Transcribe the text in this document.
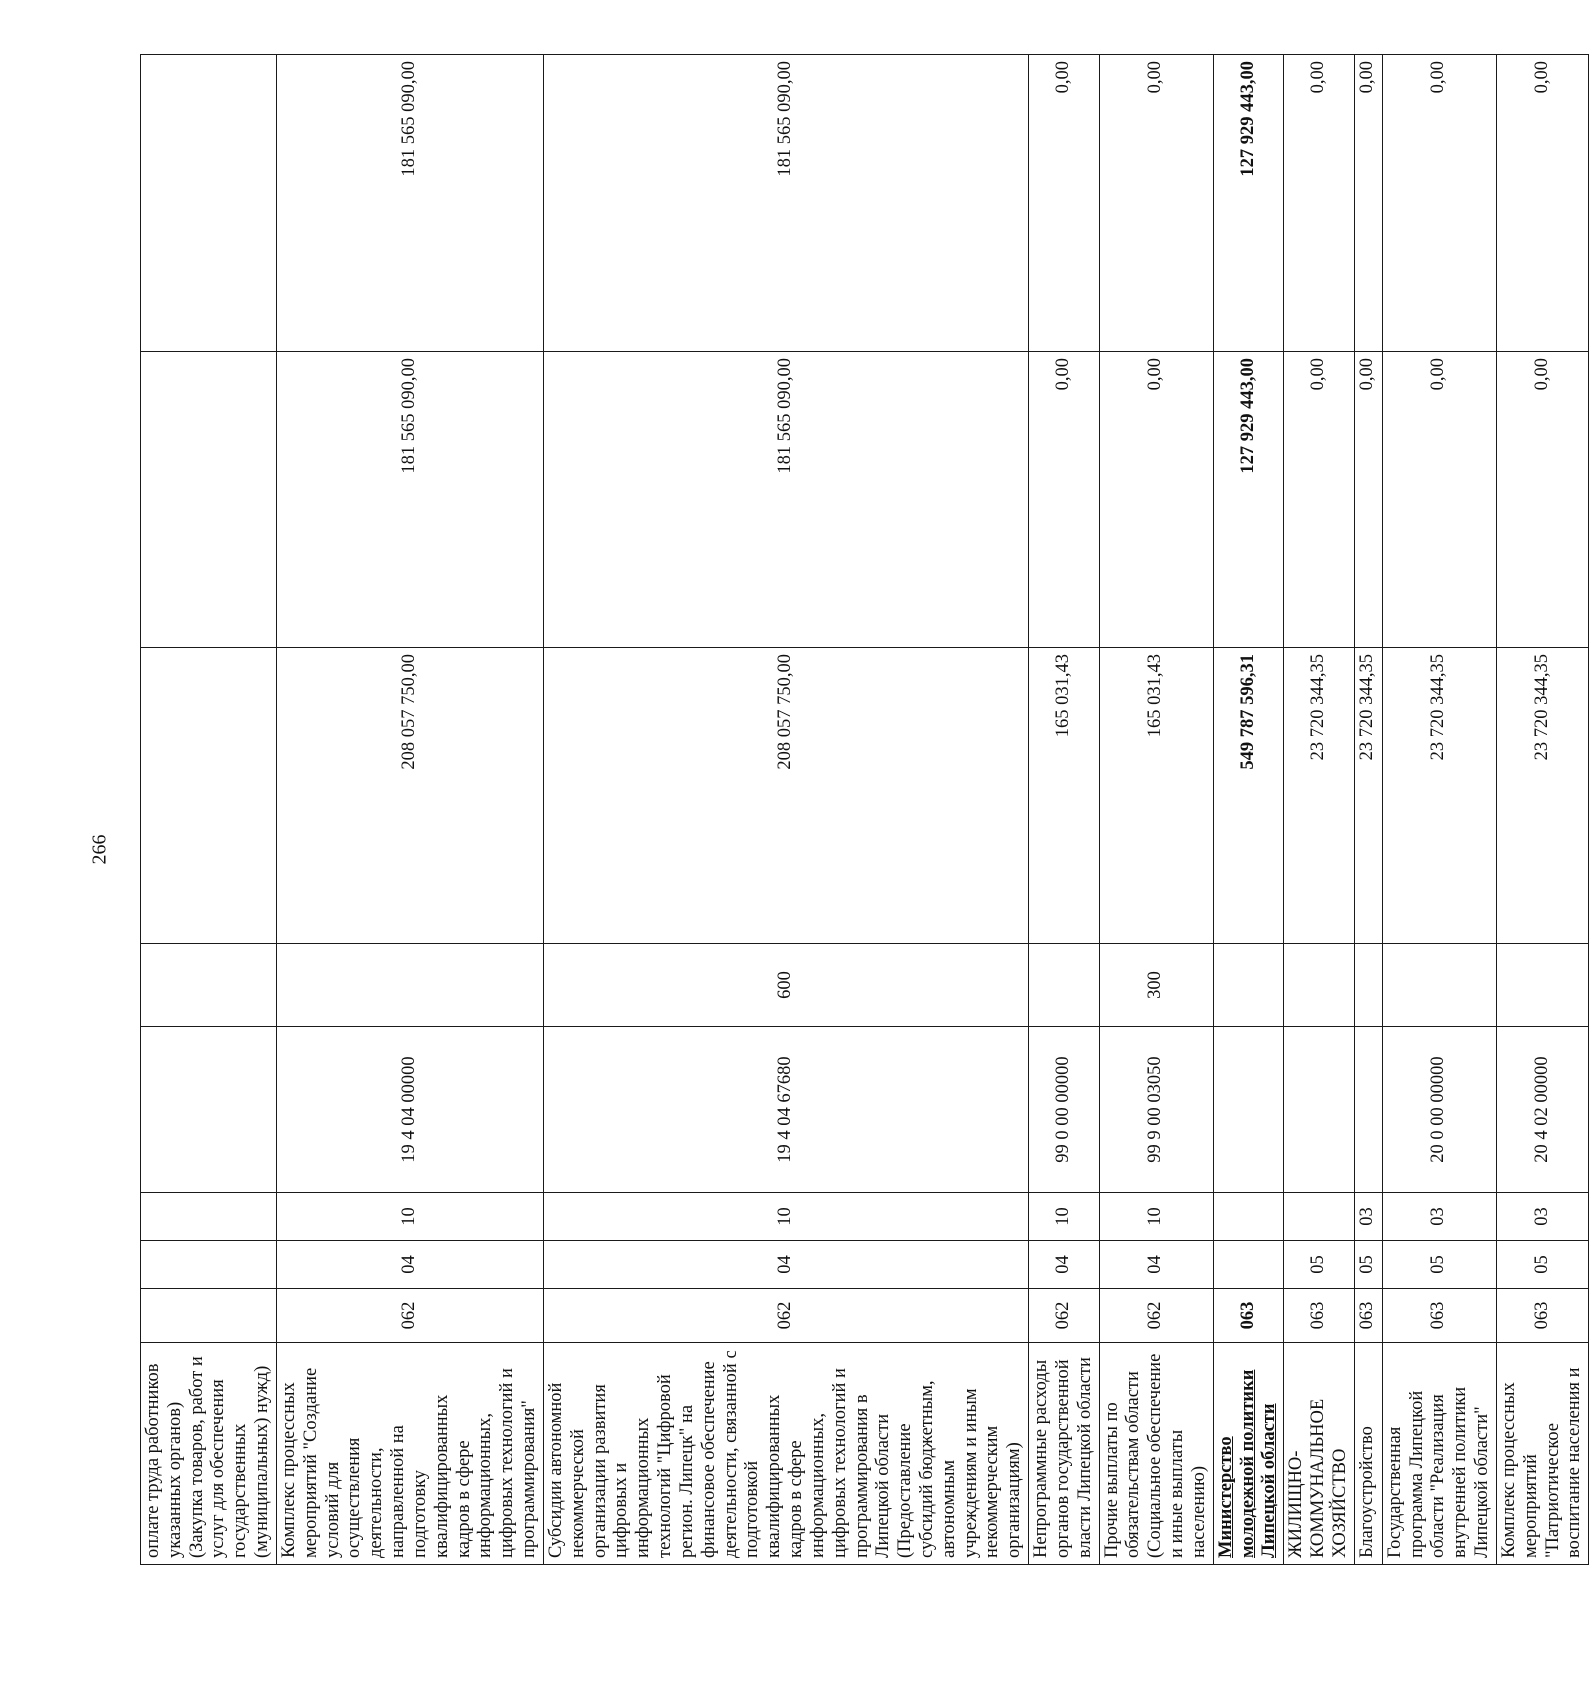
266
оплате труда работников указанных органов) (Закупка товаров, работ и услуг для обеспечения государственных (муниципальных) нужд)								
Комплекс процессных мероприятий "Создание условий для осуществления деятельности, направленной на подготовку квалифицированных кадров в сфере информационных, цифровых технологий и программирования"	062	04	10	19 4 04 00000		208 057 750,00	181 565 090,00	181 565 090,00
Субсидии автономной некоммерческой организации развития цифровых и информационных технологий "Цифровой регион. Липецк" на финансовое обеспечение деятельности, связанной с подготовкой квалифицированных кадров в сфере информационных, цифровых технологий и программирования в Липецкой области (Предоставление субсидий бюджетным, автономным учреждениям и иным некоммерческим организациям)	062	04	10	19 4 04 67680	600	208 057 750,00	181 565 090,00	181 565 090,00
Непрограммные расходы органов государственной власти Липецкой области	062	04	10	99 0 00 00000		165 031,43	0,00	0,00
Прочие выплаты по обязательствам области (Социальное обеспечение и иные выплаты населению)	062	04	10	99 9 00 03050	300	165 031,43	0,00	0,00
Министерство молодежной политики Липецкой области	063					549 787 596,31	127 929 443,00	127 929 443,00
ЖИЛИЩНО-КОММУНАЛЬНОЕ ХОЗЯЙСТВО	063	05				23 720 344,35	0,00	0,00
Благоустройство	063	05	03			23 720 344,35	0,00	0,00
Государственная программа Липецкой области "Реализация внутренней политики Липецкой области"	063	05	03	20 0 00 00000		23 720 344,35	0,00	0,00
Комплекс процессных мероприятий "Патриотическое воспитание населения и	063	05	03	20 4 02 00000		23 720 344,35	0,00	0,00
